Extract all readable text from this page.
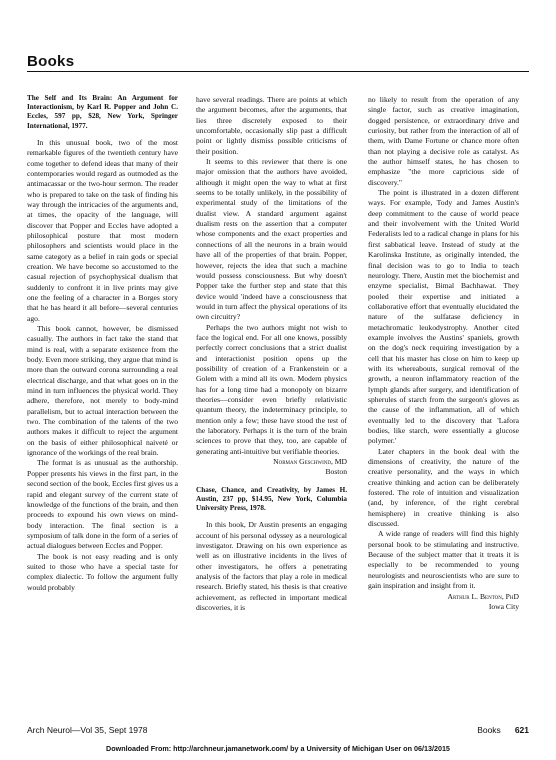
Books
The Self and Its Brain: An Argument for Interactionism, by Karl R. Popper and John C. Eccles, 597 pp, $28, New York, Springer International, 1977.

In this unusual book, two of the most remarkable figures of the twentieth century have come together to defend ideas that many of their contemporaries would regard as outmoded as the antimacassar or the two-hour sermon. The reader who is prepared to take on the task of finding his way through the intricacies of the arguments and, at times, the opacity of the language, will discover that Popper and Eccles have adopted a philosophical posture that most modern philosophers and scientists would place in the same category as a belief in rain gods or special creation. We have become so accustomed to the casual rejection of psychophysical dualism that suddenly to confront it in live prints may give one the feeling of a character in a Borges story that he has heard it all before—several centuries ago.

This book cannot, however, be dismissed casually. The authors in fact take the stand that mind is real, with a separate existence from the body. Even more striking, they argue that mind is more than the outward corona surrounding a real electrical discharge, and that what goes on in the mind in turn influences the physical world. They adhere, therefore, not merely to body-mind parallelism, but to actual interaction between the two. The combination of the talents of the two authors makes it difficult to reject the argument on the basis of either philosophical naiveté or ignorance of the workings of the real brain.

The format is as unusual as the authorship. Popper presents his views in the first part, in the second section of the book, Eccles first gives us a rapid and elegant survey of the current state of knowledge of the functions of the brain, and then proceeds to expound his own views on mind-body interaction. The final section is a symposium of talk done in the form of a series of actual dialogues between Eccles and Popper.

The book is not easy reading and is only suited to those who have a special taste for complex dialectic. To follow the argument fully would probably

have several readings. There are points at which the argument becomes, after the arguments, that lies three discretely exposed to their uncomfortable, occasionally slip past a difficult point or lightly dismiss possible criticisms of their position.

It seems to this reviewer that there is one major omission that the authors have avoided, although it might open the way to what at first seems to be totally unlikely, in the possibility of experimental study of the limitations of the dualist view. A standard argument against dualism rests on the assertion that a computer whose components and the exact properties and connections of all the neurons in a brain would have all of the properties of that brain. Popper, however, rejects the idea that such a machine would possess consciousness. But why doesn't Popper take the further step and state that this device would 'indeed have a consciousness that would in turn affect the physical operations of its own circuitry?

Perhaps the two authors might not wish to face the logical end. For all one knows, possibly perfectly correct conclusions that a strict dualist and interactionist position opens up the possibility of creation of a Frankenstein or a Golem with a mind all its own. Modern physics has for a long time had a monopoly on bizarre theories—consider even briefly relativistic quantum theory, the indeterminacy principle, to mention only a few; these have stood the test of the laboratory. Perhaps it is the turn of the brain sciences to prove that they, too, are capable of generating anti-intuitive but verifiable theories.

Norman Geschwind, MD
Boston
Chase, Chance, and Creativity, by James H. Austin, 237 pp, $14.95, New York, Columbia University Press, 1978.

In this book, Dr Austin presents an engaging account of his personal odyssey as a neurological investigator. Drawing on his own experience as well as on illustrative incidents in the lives of other investigators, he offers a penetrating analysis of the factors that play a role in medical research. Briefly stated, his thesis is that creative achievement, as reflected in important medical discoveries, it is

no likely to result from the operation of any single factor, such as creative imagination, dogged persistence, or extraordinary drive and curiosity, but rather from the interaction of all of them, with Dame Fortune or chance more often than not playing a decisive role as catalyst. As the author himself states, he has chosen to emphasize "the more capricious side of discovery."

The point is illustrated in a dozen different ways. For example, Tody and James Austin's deep commitment to the cause of world peace and their involvement with the United World Federalists led to a radical change in plans for his first sabbatical leave. Instead of study at the Karolinska Institute, as originally intended, the final decision was to go to India to teach neurology. There, Austin met the biochemist and enzyme specialist, Bimal Bachhawat. They pooled their expertise and initiated a collaborative effort that eventually elucidated the nature of the sulfatase deficiency in metachromatic leukodystrophy. Another cited example involves the Austins' spaniels, growth on the dog's neck requiring investigation by a cell that his master has close on him to keep up with its whereabouts, surgical removal of the growth, a neuron inflammatory reaction of the lymph glands after surgery, and identification of spherules of starch from the surgeon's gloves as the cause of the inflammation, all of which eventually led to the discovery that 'Lafora bodies, like starch, were essentially a glucose polymer.'

Later chapters in the book deal with the dimensions of creativity, the nature of the creative personality, and the ways in which creative thinking and action can be deliberately fostered. The role of intuition and visualization (and, by inference, of the right cerebral hemisphere) in creative thinking is also discussed.

A wide range of readers will find this highly personal book to be stimulating and instructive. Because of the subject matter that it treats it is especially to be recommended to young neurologists and neuroscientists who are sure to gain inspiration and insight from it.

Arthur L. Benton, PhD
Iowa City
Arch Neurol—Vol 35, Sept 1978	Books 621
Downloaded From: http://archneur.jamanetwork.com/ by a University of Michigan User on 06/13/2015
